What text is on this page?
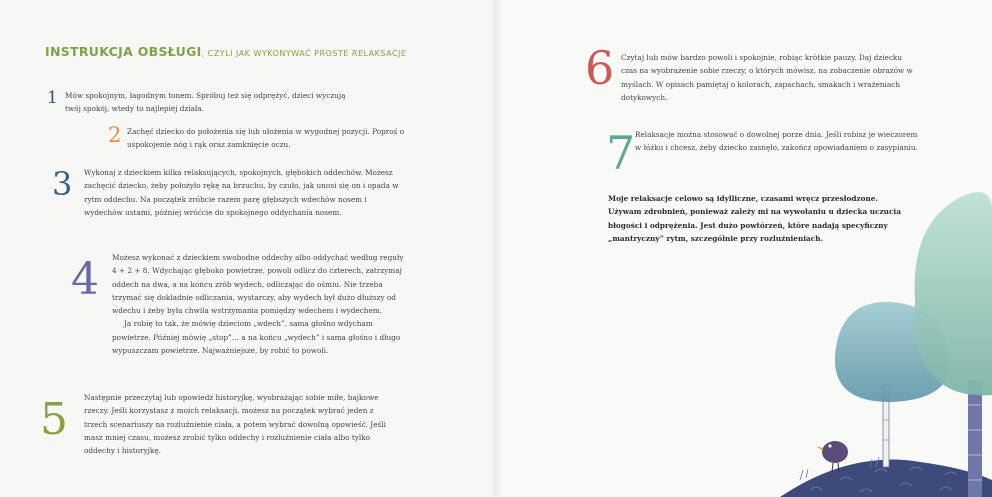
INSTRUKCJA OBSŁUGI, CZYLI JAK WYKONYWAĆ PROSTE RELAKSACJE
1 Mów spokojnym, łagodnym tonem. Spróbuj też się odprężyć, dzieci wyczują twój spokój, wtedy to najlepiej działa.
2 Zachęć dziecko do położenia się lub ułożenia w wygodnej pozycji. Poproś o uspokojenie nóg i rąk oraz zamknięcie oczu.
3 Wykonaj z dzieckiem kilka relaksujących, spokojnych, głębokich oddechów. Możesz zachęcić dziecko, żeby położyło rękę na brzuchu, by czuło, jak unosi się on i opada w rytm oddechu. Na początek zróbcie razem parę głębszych wdechów nosem i wydechów ustami, później wróćcie do spokojnego oddychania nosem.
4 Możesz wykonać z dzieckiem swobodne oddechy albo oddychać według reguły 4 + 2 + 8. Wdychając głęboko powietrze, powoli odlicz do czterech, zatrzymaj oddech na dwa, a na końcu zrób wydech, odliczając do ośmiu. Nie trzeba trzymać się dokładnie odliczania, wystarczy, aby wydech był dużo dłuższy od wdechu i żeby była chwila wstrzymania pomiędzy wdechem i wydechem.
Ja robię to tak, że mówię dzieciom „wdech”, sama głośno wdycham powietrze. Później mówię „stop”… a na końcu „wydech” i sama głośno i długo wypuszczam powietrze. Najważniejsze, by robić to powoli.
5 Następnie przeczytaj lub opowiedz historyjkę, wyobrażając sobie miłe, bajkowe rzeczy. Jeśli korzystasz z moich relaksacji, możesz na początek wybrać jeden z trzech scenariuszy na rozluźnienie ciała, a potem wybrać dowolną opowieść. Jeśli masz mniej czasu, możesz zrobić tylko oddechy i rozluźnienie ciała albo tylko oddechy i historyjkę.
6 Czytaj lub mów bardzo powoli i spokojnie, robiąc krótkie pauzy. Daj dziecku czas na wyobrażenie sobie rzeczy, o których mówisz, na zobaczenie obrazów w myślach. W opisach pamiętaj o kolorach, zapachach, smakach i wrażeniach dotykowych.
7 Relaksacje można stosować o dowolnej porze dnia. Jeśli robisz je wieczorem w łóżku i chcesz, żeby dziecko zasnęło, zakończ opowiadaniem o zasypianiu.
Moje relaksacje celowo są idylliczne, czasami wręcz przesłodzone. Używam zdrobnień, ponieważ zależy mi na wywołaniu u dziecka uczucia błogości i odprężenia. Jest dużo powtórzeń, które nadają specyficzny „mantryczny” rytm, szczególnie przy rozluźnieniach.
